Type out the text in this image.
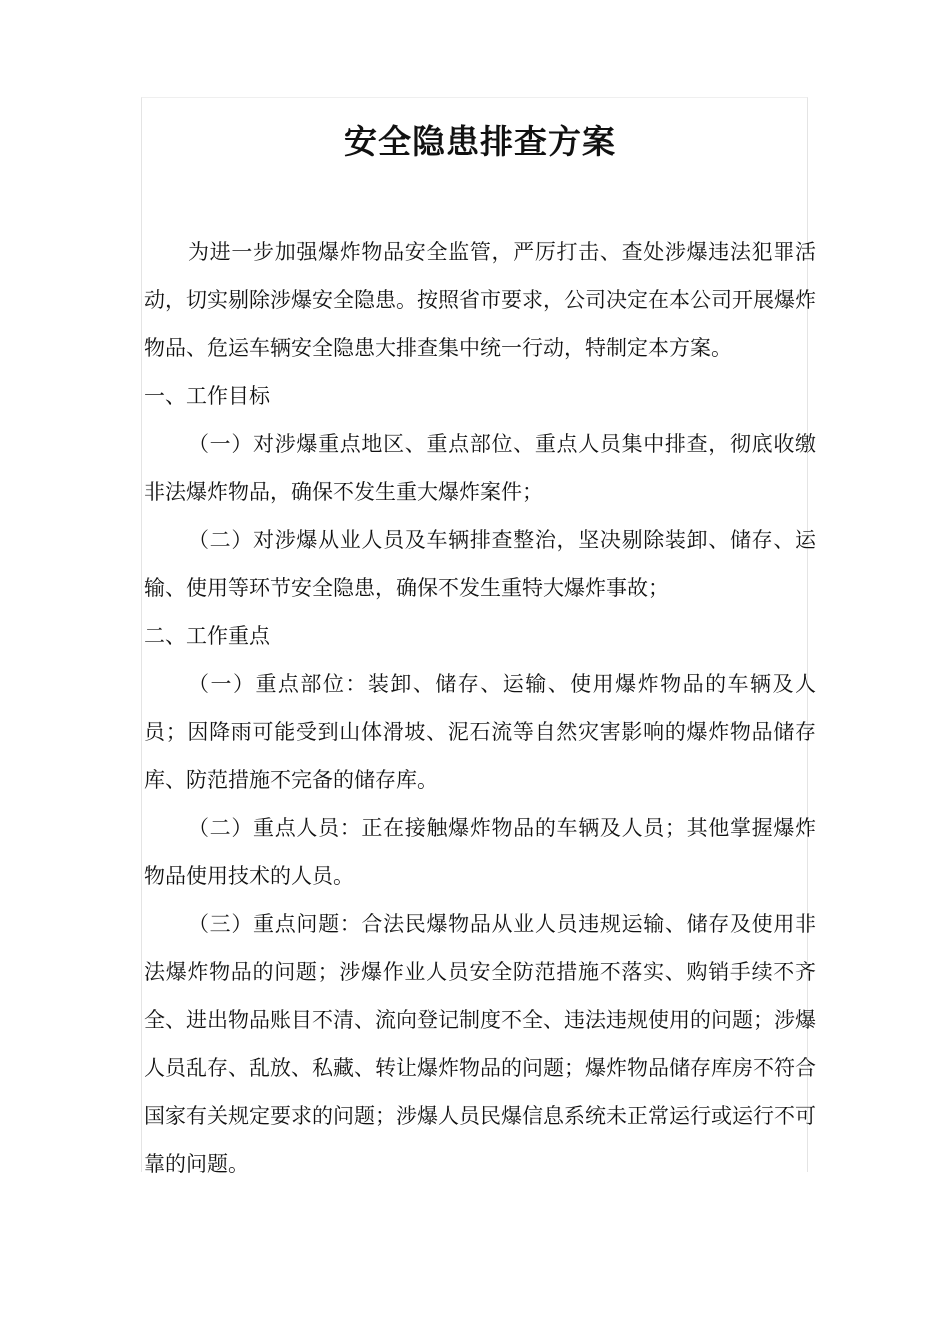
安全隐患排查方案

为进一步加强爆炸物品安全监管，严厉打击、查处涉爆违法犯罪活动，切实剔除涉爆安全隐患。按照省市要求，公司决定在本公司开展爆炸物品、危运车辆安全隐患大排查集中统一行动，特制定本方案。

一、工作目标

（一）对涉爆重点地区、重点部位、重点人员集中排查，彻底收缴非法爆炸物品，确保不发生重大爆炸案件；

（二）对涉爆从业人员及车辆排查整治，坚决剔除装卸、储存、运输、使用等环节安全隐患，确保不发生重特大爆炸事故；

二、工作重点

（一）重点部位：装卸、储存、运输、使用爆炸物品的车辆及人员；因降雨可能受到山体滑坡、泥石流等自然灾害影响的爆炸物品储存库、防范措施不完备的储存库。

（二）重点人员：正在接触爆炸物品的车辆及人员；其他掌握爆炸物品使用技术的人员。

（三）重点问题：合法民爆物品从业人员违规运输、储存及使用非法爆炸物品的问题；涉爆作业人员安全防范措施不落实、购销手续不齐全、进出物品账目不清、流向登记制度不全、违法违规使用的问题；涉爆人员乱存、乱放、私藏、转让爆炸物品的问题；爆炸物品储存库房不符合国家有关规定要求的问题；涉爆人员民爆信息系统未正常运行或运行不可靠的问题。
